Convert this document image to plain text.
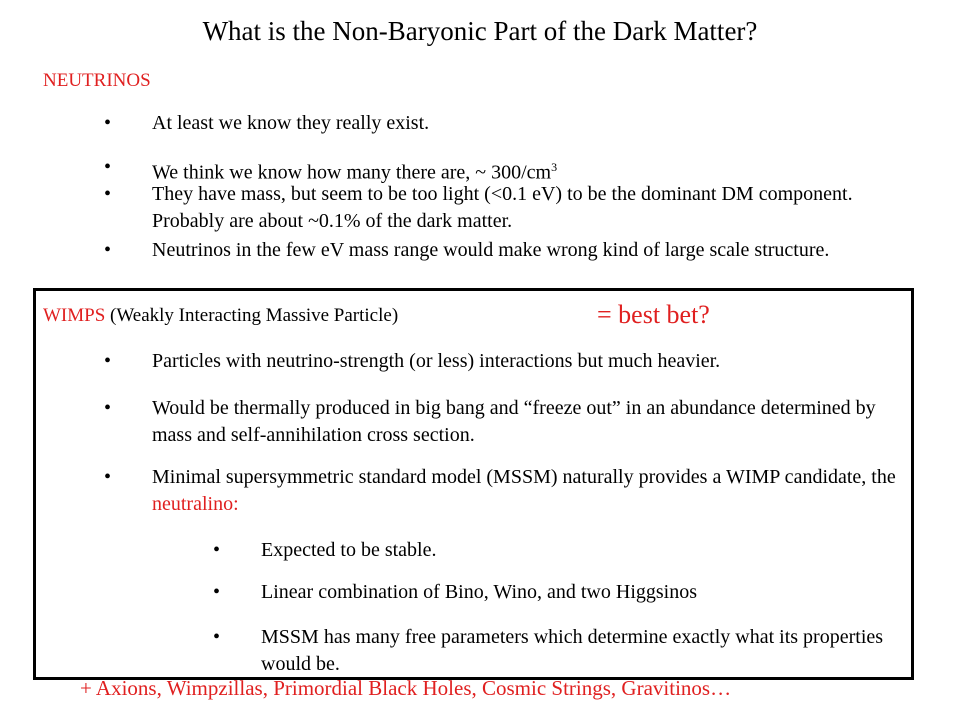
What is the Non-Baryonic Part of the Dark Matter?
NEUTRINOS
• At least we know they really exist.
• We think we know how many there are, ~ $300/cm^3$
• They have mass, but seem to be too light (<0.1 eV) to be the dominant DM component. Probably are about ~0.1% of the dark matter.
• Neutrinos in the few eV mass range would make wrong kind of large scale structure.
WIMPS (Weakly Interacting Massive Particle)	= best bet?
• Particles with neutrino-strength (or less) interactions but much heavier.
• Would be thermally produced in big bang and “freeze out” in an abundance determined by mass and self-annihilation cross section.
• Minimal supersymmetric standard model (MSSM) naturally provides a WIMP candidate, the neutralino:
• Expected to be stable.
• Linear combination of Bino, Wino, and two Higgsinos
• MSSM has many free parameters which determine exactly what its properties would be.
+ Axions, Wimpzillas, Primordial Black Holes, Cosmic Strings, Gravitinos…
